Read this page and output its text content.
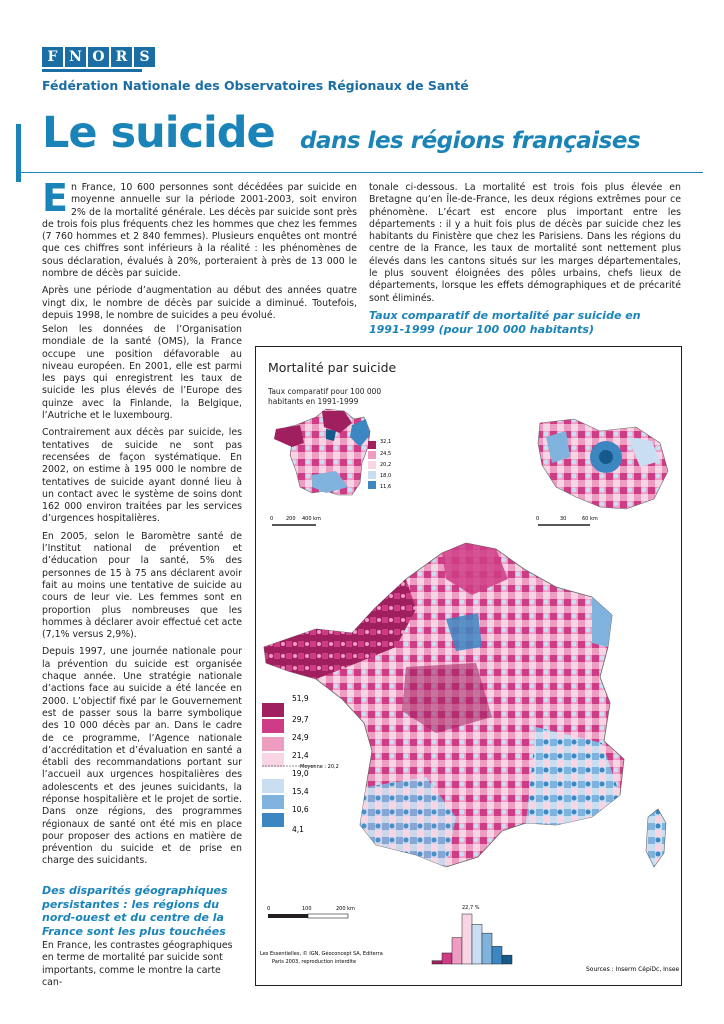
F N O R S
Fédération Nationale des Observatoires Régionaux de Santé
Le suicide dans les régions françaises

En France, 10 600 personnes sont décédées par suicide en moyenne annuelle sur la période 2001-2003, soit environ 2% de la mortalité générale. Les décès par suicide sont près de trois fois plus fréquents chez les hommes que chez les femmes (7 760 hommes et 2 840 femmes). Plusieurs enquêtes ont montré que ces chiffres sont inférieurs à la réalité : les phénomènes de sous déclaration, évalués à 20%, porteraient à près de 13 000 le nombre de décès par suicide.

Après une période d’augmentation au début des années quatre vingt dix, le nombre de décès par suicide a diminué. Toutefois, depuis 1998, le nombre de suicides a peu évolué.

Selon les données de l’Organisation mondiale de la santé (OMS), la France occupe une position défavorable au niveau européen. En 2001, elle est parmi les pays qui enregistrent les taux de suicide les plus élevés de l’Europe des quinze avec la Finlande, la Belgique, l’Autriche et le luxembourg.

Contrairement aux décès par suicide, les tentatives de suicide ne sont pas recensées de façon systématique. En 2002, on estime à 195 000 le nombre de tentatives de suicide ayant donné lieu à un contact avec le système de soins dont 162 000 environ traitées par les services d’urgences hospitalières.

En 2005, selon le Baromètre santé de l’Institut national de prévention et d’éducation pour la santé, 5% des personnes de 15 à 75 ans déclarent avoir fait au moins une tentative de suicide au cours de leur vie. Les femmes sont en proportion plus nombreuses que les hommes à déclarer avoir effectué cet acte (7,1% versus 2,9%).

Depuis 1997, une journée nationale pour la prévention du suicide est organisée chaque année. Une stratégie nationale d’actions face au suicide a été lancée en 2000. L’objectif fixé par le Gouvernement est de passer sous la barre symbolique des 10 000 décès par an. Dans le cadre de ce programme, l’Agence nationale d’accréditation et d’évaluation en santé a établi des recommandations portant sur l’accueil aux urgences hospitalières des adolescents et des jeunes suicidants, la réponse hospitalière et le projet de sortie. Dans onze régions, des programmes régionaux de santé ont été mis en place pour proposer des actions en matière de prévention du suicide et de prise en charge des suicidants.

Des disparités géographiques persistantes : les régions du nord-ouest et du centre de la France sont les plus touchées

En France, les contrastes géographiques en terme de mortalité par suicide sont importants, comme le montre la carte can-

tonale ci-dessous. La mortalité est trois fois plus élevée en Bretagne qu’en Île-de-France, les deux régions extrêmes pour ce phénomène. L’écart est encore plus important entre les départements : il y a huit fois plus de décès par suicide chez les habitants du Finistère que chez les Parisiens. Dans les régions du centre de la France, les taux de mortalité sont nettement plus élevés dans les cantons situés sur les marges départementales, le plus souvent éloignées des pôles urbains, chefs lieux de départements, lorsque les effets démographiques et de précarité sont éliminés.

Taux comparatif de mortalité par suicide en 1991-1999 (pour 100 000 habitants)
Mortalité par suicide
Taux comparatif pour 100 000 habitants en 1991-1999
32,1
24,5
20,2
18,0
11,6
0	200 400 km	0	30	60 km
51,9
29,7
24,9
21,4
19,0
15,4
10,6
4,1
Moyenne : 20,2
0	100	200 km	22,7 %
Les Essentielles, © IGN, Géoconcept SA, Editerra
Paris 2003, reproduction interdite
Sources : Inserm CépiDc, Insee
